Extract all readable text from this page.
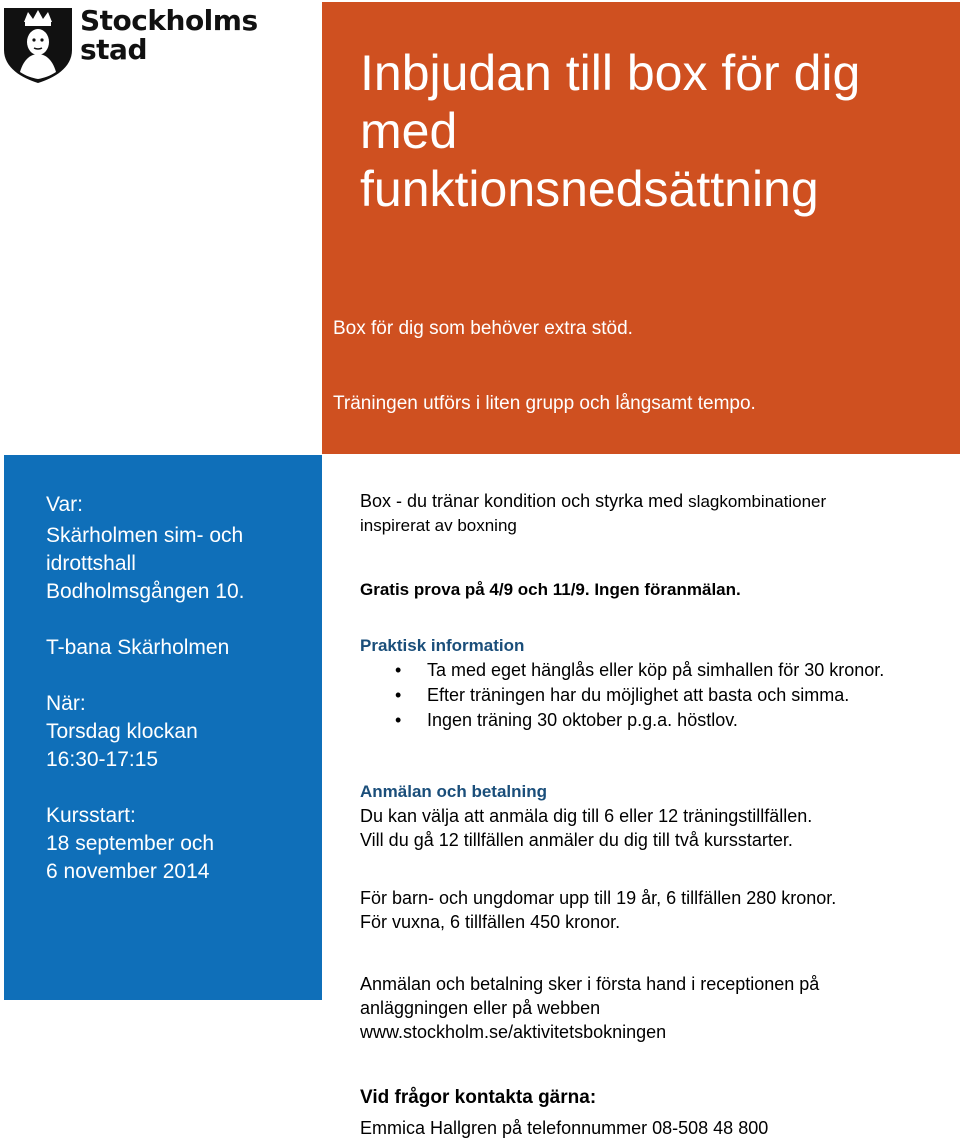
Stockholms
stad	Inbjudan till box för dig
med
funktionsnedsättning
Box för dig som behöver extra stöd.
Träningen utförs i liten grupp och långsamt tempo.
Var:
Skärholmen sim- och
idrottshall
Bodholmsgången 10.
T-bana Skärholmen
När:
Torsdag klockan
16:30-17:15
Kursstart:
18 september och
6 november 2014
Box - du tränar kondition och styrka med slagkombinationer
inspirerat av boxning
Gratis prova på 4/9 och 11/9. Ingen föranmälan.
Praktisk information
• Ta med eget hänglås eller köp på simhallen för 30 kronor.
• Efter träningen har du möjlighet att basta och simma.
• Ingen träning 30 oktober p.g.a. höstlov.
Anmälan och betalning
Du kan välja att anmäla dig till 6 eller 12 träningstillfällen.
Vill du gå 12 tillfällen anmäler du dig till två kursstarter.
För barn- och ungdomar upp till 19 år, 6 tillfällen 280 kronor.
För vuxna, 6 tillfällen 450 kronor.
Anmälan och betalning sker i första hand i receptionen på
anläggningen eller på webben
www.stockholm.se/aktivitetsbokningen
Vid frågor kontakta gärna:
Emmica Hallgren på telefonnummer 08-508 48 800
